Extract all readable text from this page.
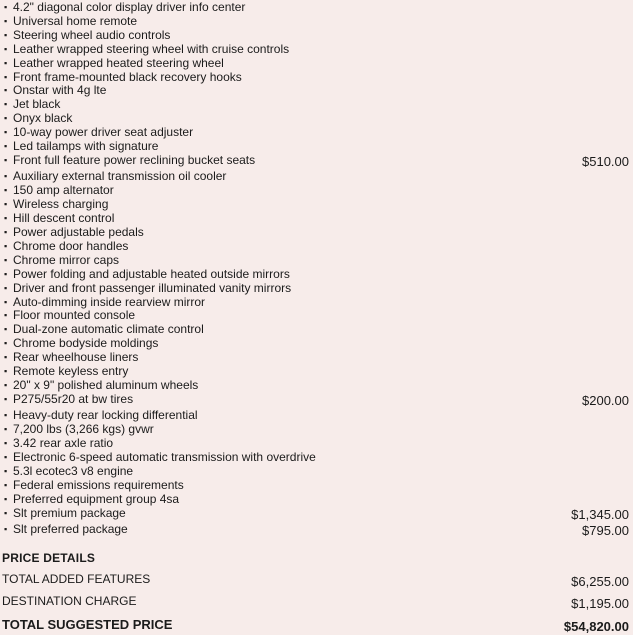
▪ 4.2" diagonal color display driver info center
▪ Universal home remote
▪ Steering wheel audio controls
▪ Leather wrapped steering wheel with cruise controls
▪ Leather wrapped heated steering wheel
▪ Front frame-mounted black recovery hooks
▪ Onstar with 4g lte
▪ Jet black
▪ Onyx black
▪ 10-way power driver seat adjuster
▪ Led tailamps with signature
▪ Front full feature power reclining bucket seats	$510.00
▪ Auxiliary external transmission oil cooler
▪ 150 amp alternator
▪ Wireless charging
▪ Hill descent control
▪ Power adjustable pedals
▪ Chrome door handles
▪ Chrome mirror caps
▪ Power folding and adjustable heated outside mirrors
▪ Driver and front passenger illuminated vanity mirrors
▪ Auto-dimming inside rearview mirror
▪ Floor mounted console
▪ Dual-zone automatic climate control
▪ Chrome bodyside moldings
▪ Rear wheelhouse liners
▪ Remote keyless entry
▪ 20" x 9" polished aluminum wheels
▪ P275/55r20 at bw tires	$200.00
▪ Heavy-duty rear locking differential
▪ 7,200 lbs (3,266 kgs) gvwr
▪ 3.42 rear axle ratio
▪ Electronic 6-speed automatic transmission with overdrive
▪ 5.3l ecotec3 v8 engine
▪ Federal emissions requirements
▪ Preferred equipment group 4sa
▪ Slt premium package	$1,345.00
▪ Slt preferred package	$795.00
PRICE DETAILS
TOTAL ADDED FEATURES	$6,255.00
DESTINATION CHARGE	$1,195.00
TOTAL SUGGESTED PRICE	$54,820.00
